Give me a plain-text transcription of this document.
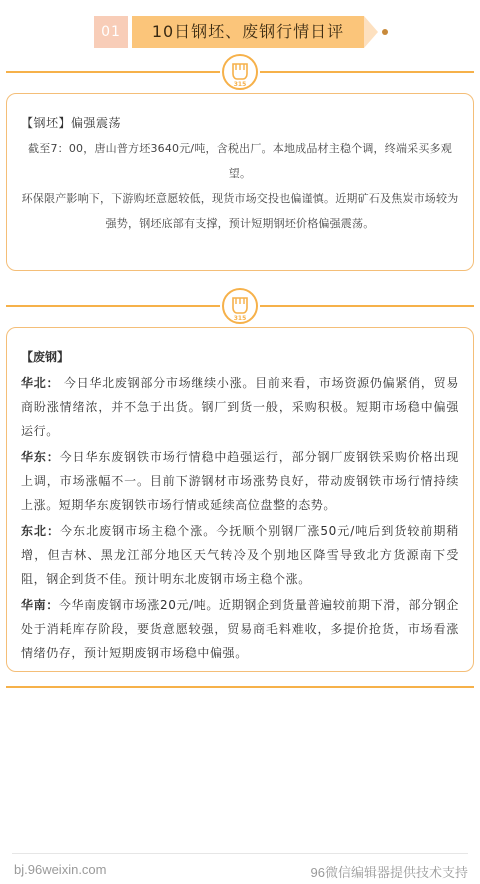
01	10日钢坯、废钢行情日评
315
【钢坯】偏强震荡
截至7：00，唐山普方坯3640元/吨，含税出厂。本地成品材主稳个调，终端采买多观望。
环保限产影响下，下游购坯意愿较低，现货市场交投也偏谨慎。近期矿石及焦炭市场较为
强势，钢坯底部有支撑，预计短期钢坯价格偏强震荡。
315
【废钢】

华北： 今日华北废钢部分市场继续小涨。目前来看，市场资源仍偏紧俏，贸易商盼涨情绪浓，并不急于出货。钢厂到货一般，采购积极。短期市场稳中偏强运行。

华东：今日华东废钢铁市场行情稳中趋强运行，部分钢厂废钢铁采购价格出现上调，市场涨幅不一。目前下游钢材市场涨势良好，带动废钢铁市场行情持续上涨。短期华东废钢铁市场行情或延续高位盘整的态势。

东北：今东北废钢市场主稳个涨。今抚顺个别钢厂涨50元/吨后到货较前期稍增，但吉林、黑龙江部分地区天气转冷及个别地区降雪导致北方货源南下受阻，钢企到货不佳。预计明东北废钢市场主稳个涨。

华南：今华南废钢市场涨20元/吨。近期钢企到货量普遍较前期下滑，部分钢企处于消耗库存阶段，要货意愿较强，贸易商毛料难收，多提价抢货，市场看涨情绪仍存，预计短期废钢市场稳中偏强。

bj.96weixin.com	96微信编辑器提供技术支持
